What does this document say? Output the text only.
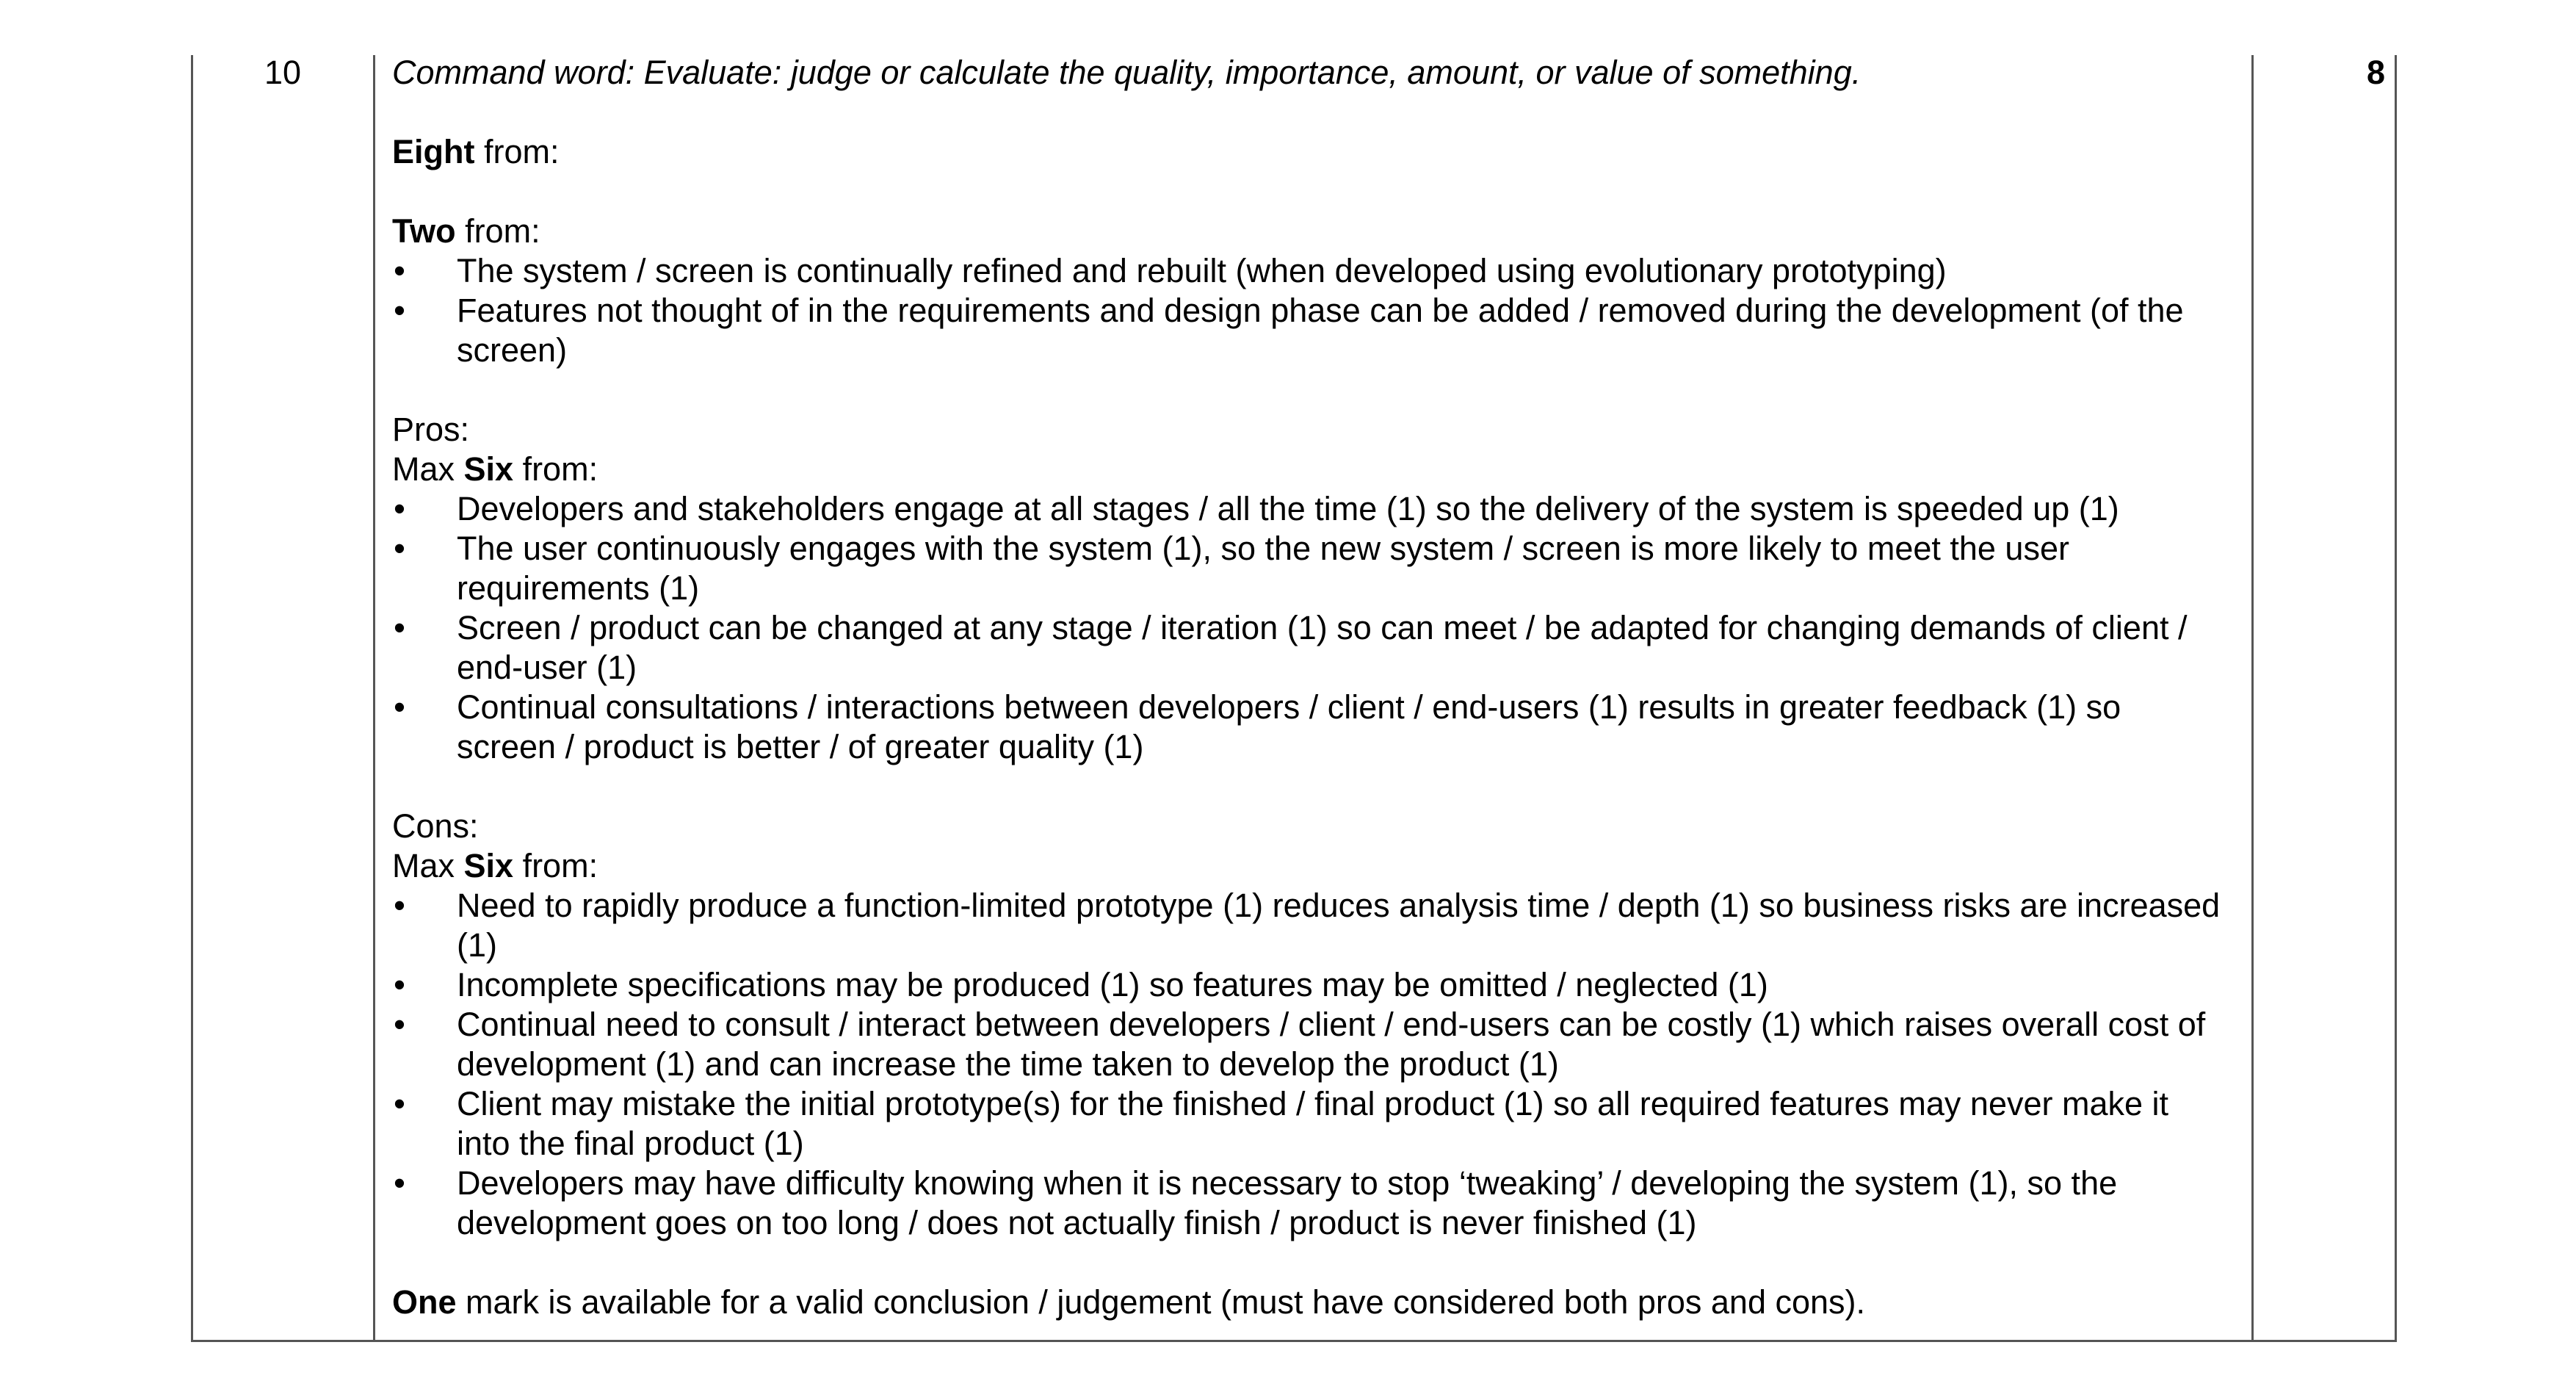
10	8

Command word: Evaluate: judge or calculate the quality, importance, amount, or value of something.

Eight from:

Two from:

• The system / screen is continually refined and rebuilt (when developed using evolutionary prototyping)
• Features not thought of in the requirements and design phase can be added / removed during the development (of the screen)

Pros:

Max Six from:

• Developers and stakeholders engage at all stages / all the time (1) so the delivery of the system is speeded up (1)
• The user continuously engages with the system (1), so the new system / screen is more likely to meet the user requirements (1)
• Screen / product can be changed at any stage / iteration (1) so can meet / be adapted for changing demands of client / end-user (1)
• Continual consultations / interactions between developers / client / end-users (1) results in greater feedback (1) so screen / product is better / of greater quality (1)

Cons:

Max Six from:

• Need to rapidly produce a function-limited prototype (1) reduces analysis time / depth (1) so business risks are increased (1)
• Incomplete specifications may be produced (1) so features may be omitted / neglected (1)
• Continual need to consult / interact between developers / client / end-users can be costly (1) which raises overall cost of development (1) and can increase the time taken to develop the product (1)
• Client may mistake the initial prototype(s) for the finished / final product (1) so all required features may never make it into the final product (1)
• Developers may have difficulty knowing when it is necessary to stop ‘tweaking’ / developing the system (1), so the development goes on too long / does not actually finish / product is never finished (1)

One mark is available for a valid conclusion / judgement (must have considered both pros and cons).
